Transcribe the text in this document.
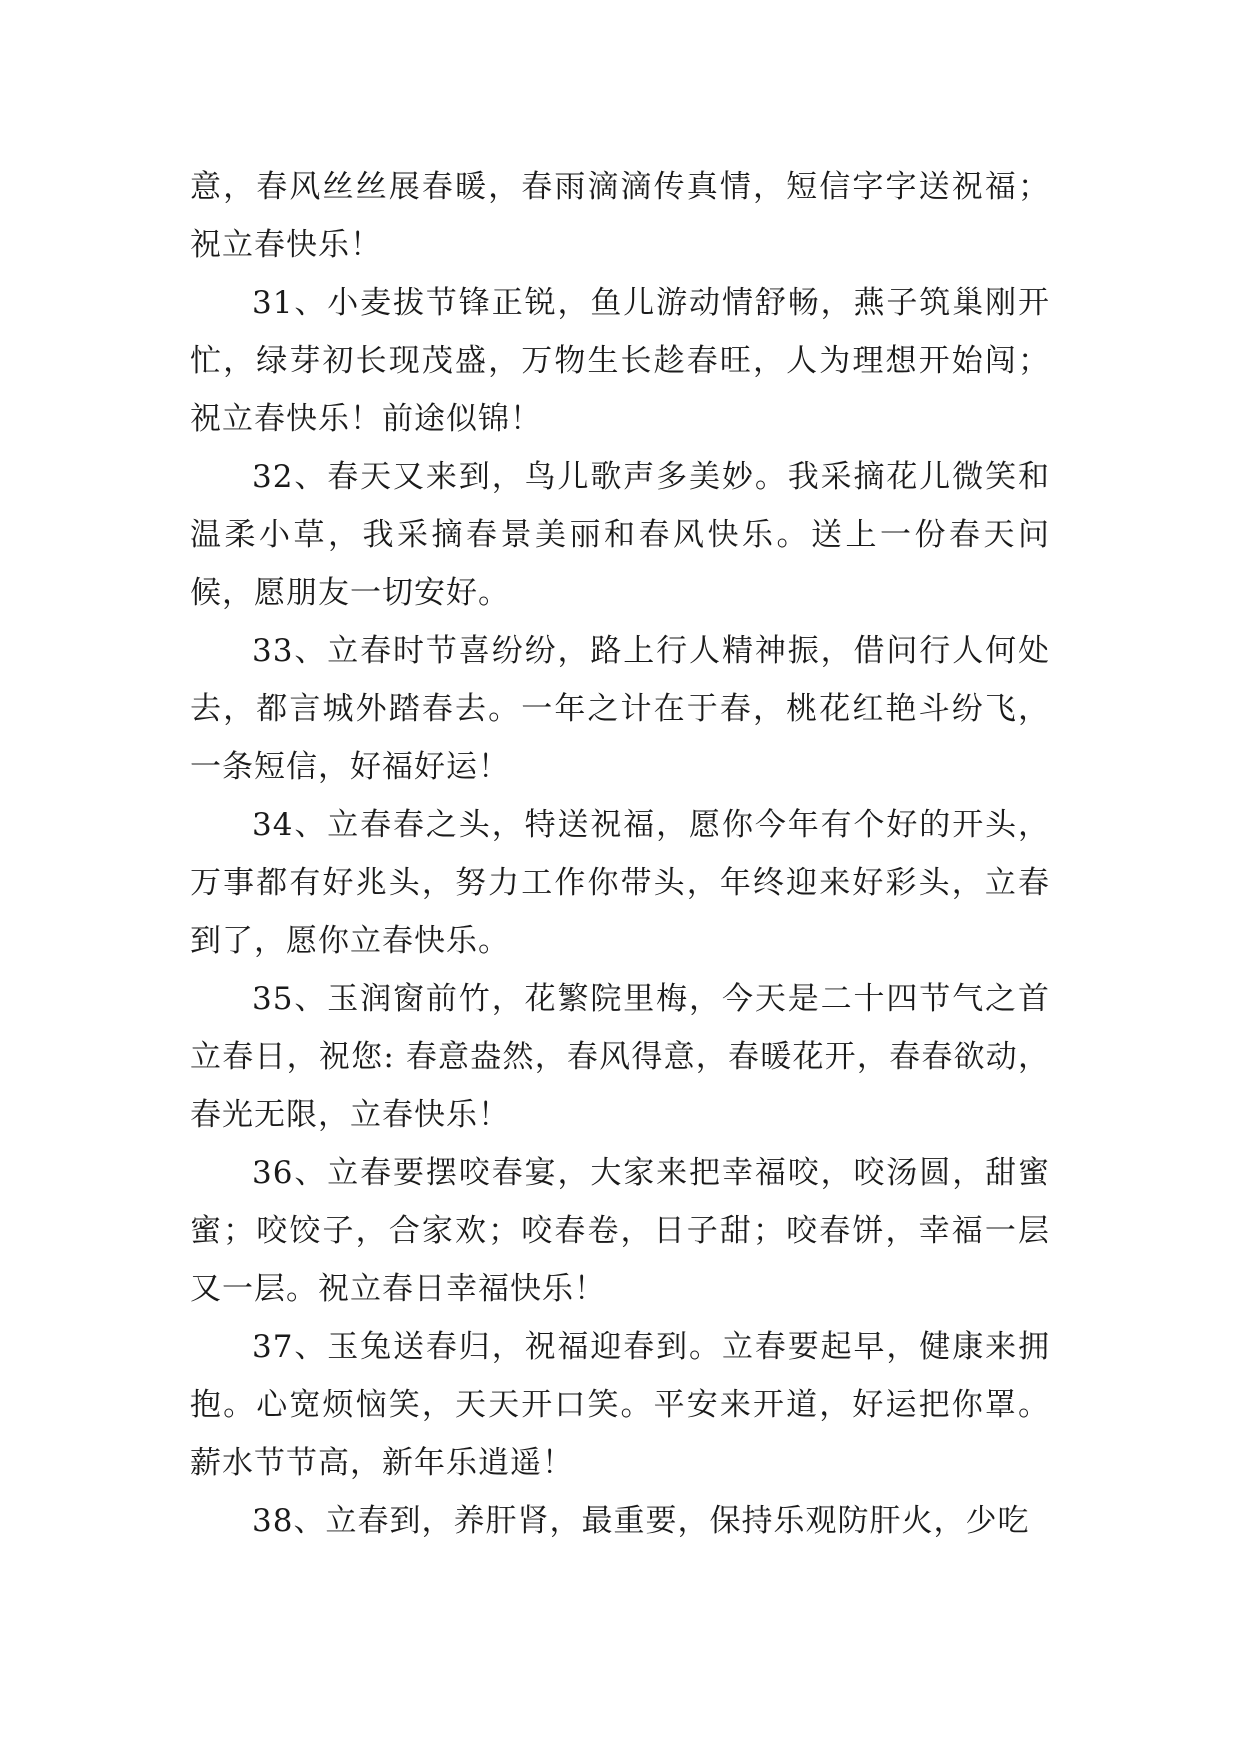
意，春风丝丝展春暖，春雨滴滴传真情，短信字字送祝福；祝立春快乐！

31、小麦拔节锋正锐，鱼儿游动情舒畅，燕子筑巢刚开忙，绿芽初长现茂盛，万物生长趁春旺，人为理想开始闯；祝立春快乐！前途似锦！

32、春天又来到，鸟儿歌声多美妙。我采摘花儿微笑和温柔小草，我采摘春景美丽和春风快乐。送上一份春天问候，愿朋友一切安好。

33、立春时节喜纷纷，路上行人精神振，借问行人何处去，都言城外踏春去。一年之计在于春，桃花红艳斗纷飞，一条短信，好福好运！

34、立春春之头，特送祝福，愿你今年有个好的开头，万事都有好兆头，努力工作你带头，年终迎来好彩头，立春到了，愿你立春快乐。

35、玉润窗前竹，花繁院里梅，今天是二十四节气之首立春日，祝您: 春意盎然，春风得意，春暖花开，春春欲动，春光无限，立春快乐！

36、立春要摆咬春宴，大家来把幸福咬，咬汤圆，甜蜜蜜；咬饺子，合家欢；咬春卷，日子甜；咬春饼，幸福一层又一层。祝立春日幸福快乐！

37、玉兔送春归，祝福迎春到。立春要起早，健康来拥抱。心宽烦恼笑，天天开口笑。平安来开道，好运把你罩。薪水节节高，新年乐逍遥！

38、立春到，养肝肾，最重要，保持乐观防肝火，少吃
